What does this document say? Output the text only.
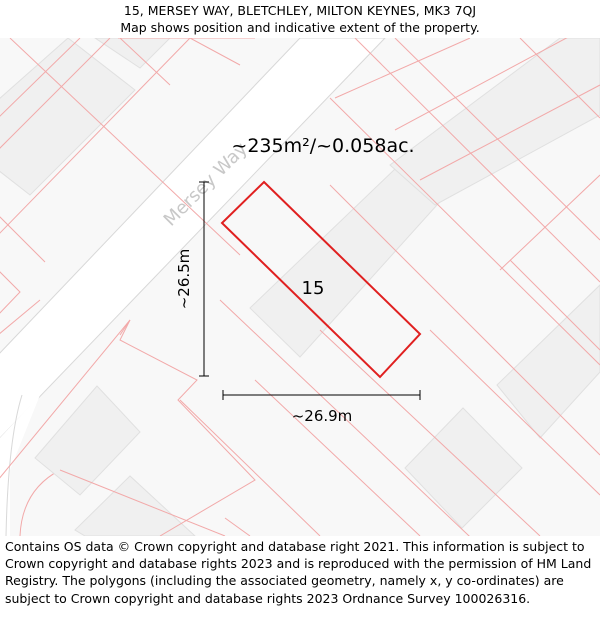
15, MERSEY WAY, BLETCHLEY, MILTON KEYNES, MK3 7QJ
Map shows position and indicative extent of the property.
Mersey Way
~235m²/~0.058ac.
15
~26.5m
~26.9m
Contains OS data © Crown copyright and database right 2021. This information is subject to Crown copyright and database rights 2023 and is reproduced with the permission of HM Land Registry. The polygons (including the associated geometry, namely x, y co-ordinates) are subject to Crown copyright and database rights 2023 Ordnance Survey 100026316.
